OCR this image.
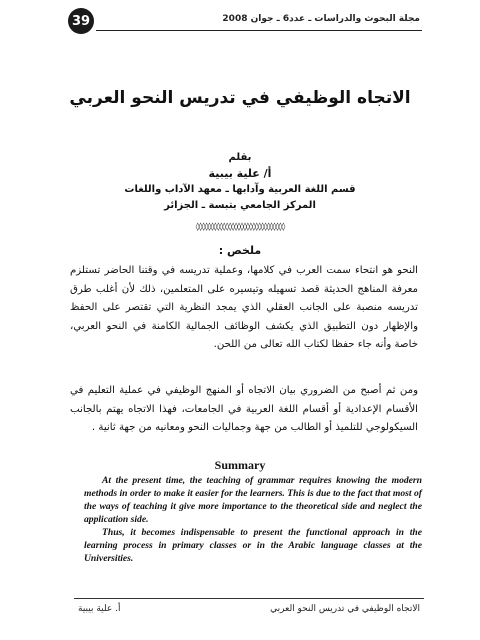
39	مجلة البحوث والدراسات ـ عدد6 ـ جوان 2008
الاتجاه الوظيفي في تدريس النحو العربي
بقلم
أ/ علية بيبية
قسم اللغة العربية وآدابها ـ معهد الآداب واللغات
المركز الجامعي بتبسة ـ الجزائر
◊◊◊◊◊◊◊◊◊◊◊◊◊◊◊◊◊◊◊◊◊◊◊◊◊◊◊◊◊◊
ملخص :

النحو هو انتحاء سمت العرب في كلامها، وعملية تدريسه في وقتنا الحاضر تستلزم معرفة المناهج الحديثة قصد تسهيله وتيسيره على المتعلمين، ذلك لأن أغلب طرق تدريسه منصبة على الجانب العقلي الذي يمجد النظرية التي تقتصر على الحفظ والإظهار دون التطبيق الذي يكشف الوظائف الجمالية الكامنة في النحو العربي، خاصة وأنه جاء حفظا لكتاب الله تعالى من اللحن.

ومن ثم أصبح من الضروري بيان الاتجاه أو المنهج الوظيفي في عملية التعليم في الأقسام الإعدادية أو أقسام اللغة العربية في الجامعات، فهذا الاتجاه يهتم بالجانب السيكولوجي للتلميذ أو الطالب من جهة وجماليات النحو ومعانيه من جهة ثانية .

Summary

At the present time, the teaching of grammar requires knowing the modern methods in order to make it easier for the learners. This is due to the fact that most of the ways of teaching it give more importance to the theoretical side and neglect the application side.

Thus, it becomes indispensable to present the functional approach in the learning process in primary classes or in the Arabic language classes at the Universities.

أ. علية بيبية	الاتجاه الوظيفي في تدريس النحو العربي
